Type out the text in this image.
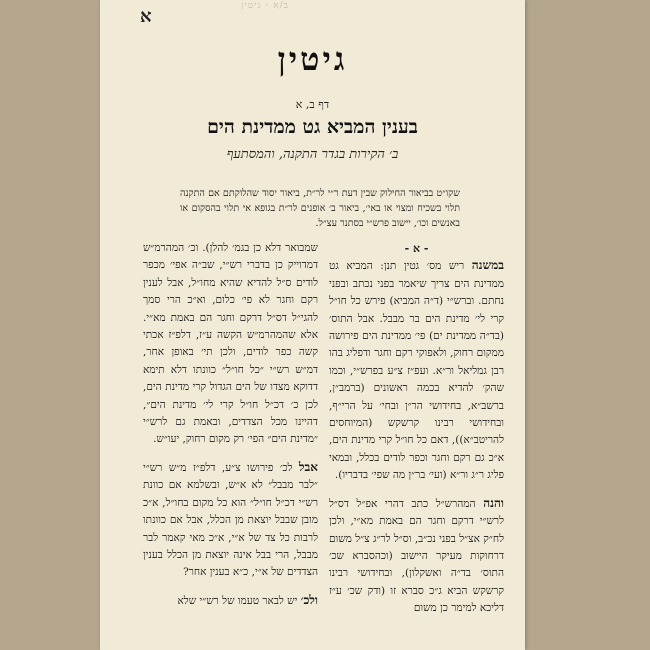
ב/א · גיטין
א
גיטין
דף ב, א
בענין המביא גט ממדינת הים
ב׳ הקירות בגדר התקנה, והמסתעף
שקו״ט בביאור החילוק שבין דעת ר״י לר״ת, ביאור יסוד שהלוקתם אם התקנה תלוי בשכיח ומצוי או באי׳, ביאור ב׳ אופנים לר״ת בגופא אי תלוי בהסקום או באנשים וכו׳, יישוב פרש״י בסתנר עצ״ל.

- א -

במשנה ריש מס׳ גטין תנן: המביא גט ממדינת הים צריך שיאמר בפני נכתב ובפני נחתם. וברש״י (ד״ה המביא) פירש כל חו״ל קרי לי׳ מדינת הים בר מבבל. אבל התוס׳ (בד״ה ממדינת ים) פי׳ ממדינת הים פירושה ממקום רחוק, ולאפוקי רקם וחגר ודפליג בהו רבן גמליאל ור״א. ועפ״ז צ״ע בפרש״י, וכמו שהק׳ להדיא בכמה ראשונים (ברמב״ן, ברשב״א, בחידושי הר״ן ובחי׳ על הרי״ף, ובחידושי רבינו קרשקש (המיוחסים להריטב״א)), דאם כל חו״ל קרי מדינת הים, א״כ גם רקם וחגר וכפר לודים בכלל, ובמאי פליג ר״ג ור״א (ועי׳ בר״ן מה שפי׳ בדבריו).

והנה המהרש״ל כתב דהרי אפ״ל דס״ל לרש״י דרקם וחגר הם באמת מא״י, ולכן לח״ק אצ״ל בפני נכ״ב, וס״ל לר״ג צ״ל משום דרחוקות מעיקר היישוב (וכהסברא שכ׳ התוס׳ בד״ה ואשקלון), ובחידושי רבינו קרשקש הביא ג״כ סברא זו (ודק שכ׳ ע״ז דליכא למימר כן משום

שמבואר דלא כן בגמ׳ להלן). וכ׳ המהרמ״ש דמדוייק כן בדברי רש״י, שב״ה אפי׳ מכפר לודים ס״ל להדיא שהיא מחו״ל, אבל לענין רקם וחגר לא פי׳ כלום, וא״כ הרי סמך להגי״ל דס״ל דרקם וחגר הם באמת מא״י. אלא שהמהרמ״ש הקשה ע״ז, דלפ״ז אכתי קשה כפר לודים, ולכן תי׳ באופן אחר, דמ״ש רש״י ״כל חו״ל״ כוונתו דלא תימא דדוקא מצדו של הים הגדול קרי מדינת הים, לכן כ׳ דכ״ל חו״ל קרי לי׳ מדינת הים״, דהיינו מכל הצדדים, ובאמת גם לרש״י ״מדינת הים״ הפי׳ רק מקום רחוק, יעו״ש.

אבל לכ׳ פירושו צ״ע, דלפ״ז מ״ש רש״י ״לבר מבבל״ לא א״ש, ובשלמא אם כוונת רש״י דכ״ל חו״ל״ הוא כל מקום בחו״ל, א״כ מובן שבבל יוצאת מן הכלל, אבל אם כוונתו לרבות כל צד של א״י, א״כ מאי קאמר לבר מבבל, הרי בבל אינה יוצאת מן הכלל בענין הצדדים של א״י, כ״א בענין אחר?

ולכ׳ יש לבאר טעמו של רש״י שלא
